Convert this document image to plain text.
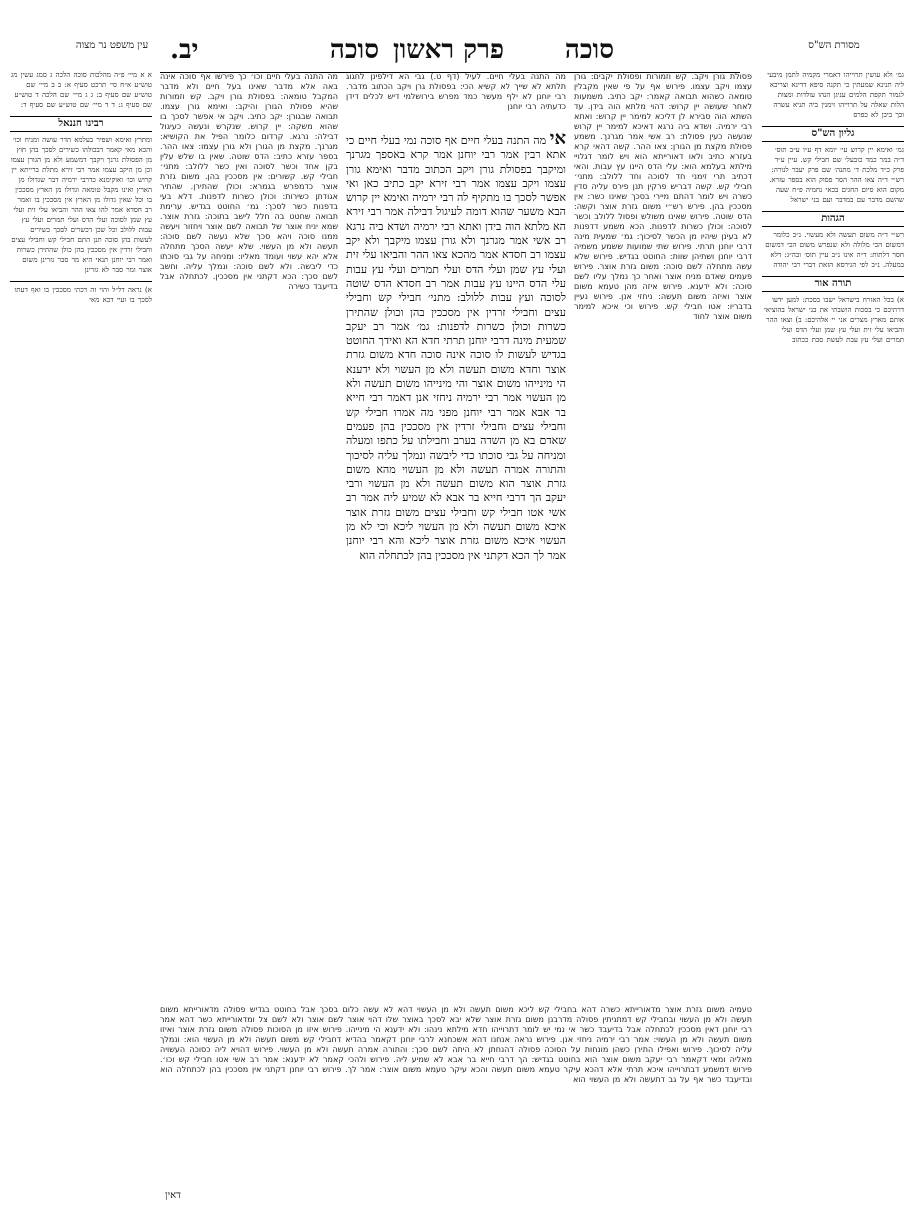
מסורת הש"ס
סוכה
פרק ראשון
סוכה
יב.
עין משפט נר מצוה
גמ׳ ולא עושין תרוייהו דאמרי מקמיה לתמן מיבעי ליה תנינא שמעתין כי תקנה סיפא דדינא וצריכא לגמור תקפת הלמים עניגן הנהו עולדות ומצות הלות שאלה על תרוייהו זימנין ביה תניא עשרה וכך ביבן לא כפרס
גליון הש"ס
גמ׳ ואימא יין קרוש עי׳ יומא דף ע״ו ע״ב תוס׳ ד״ה במר כמד כובעל׳ שם חבילי קש. עיין ע״ד פרק כ״ד מלכת ד׳ מתנה׳ שם פרק יעבר לנורה: רש״י ד״ה צאו ההר הסר פסוק הוא בספר עזרא. מקום הוא סיום החגים בכאי נחמיה פ״ח שעה שהשם מדבר עם במדבר ועם בני ישראל
הגהות
רש״י ד״ה משום תעשה ולא מעשוי. נ״ב כלומר דמשום הכי מלולה ולא שנפרש משום הכי דמשום חסר דלתות: ד״ה אינו נ״ב עיין תוס׳ ובה״ג: דלא במעלה. נ״ב לפי הגירסא הזאת דברי רבי יהודה
תורה אור
א) בכל האזרח בישראל ישבו בסכת: למען ידעו דרתיכם כי בסכות הושבתי את בני ישראל בהוציאי אותם מארץ מצרים אני יי אלהיכם: ב) וצאו ההר והביאו עלי זית ועלי עץ שמן ועלי הדס ועלי תמרים ועלי עץ עבת לעשת סכת ככתוב
א א מיי׳ פ״ה מהלכות סוכה הלכה ג סמג עשין מג טוש״ע א״ח סי׳ תרכט סעיף א: ב ב מיי׳ שם טוש״ע שם סעיף ב: ג ג מיי׳ שם הלכה ד טוש״ע שם סעיף ג: ד ד מיי׳ שם טוש״ע שם סעיף ד:
רבינו חננאל
ומתרץ ואימא ושפיר בעלמא הדר עושה ומניח וכו׳ והכא מאי קאמר דבכולהו כשירים לסכך בהן חוץ מן הפסולת גרנך ויקבך דמשמע ולא מן הגורן עצמו וכן מן היקב עצמו אמר רבי זירא מתלת ברייתא יין קרוש וכו׳ ואוקימנא כדרבי ירמיה דבר שגדולו מן הארץ ואינו מקבל טומאה וגדולו מן הארץ מסככין בו וכל שאין גדולו מן הארץ אין מסככין בו ואמר רב חסדא אמר להו צאו ההר והביאו עלי זית ועלי עץ שמן לסוכה ועלי הדס ועלי תמרים ועלי עץ עבות ללולב וכל שכן דכשרים לסכך כשירים לעשות בהן סוכה תנן התם חבילי קש וחבילי עצים וחבילי זרדין אין מסככין בהן כולן שהתירן כשרות ואמר רבי יוחנן תנאי היא מר סבר גזרינן משום אוצר ומר סבר לא גזרינן
א) נראה דל״ל והוי זה דכתי מסככין בו ואף דעתו לסכך בו ועיי דכא מאי
פסולת גורן ויקב. קש וזמורות ופסולת יקבים: גורן עצמו ויקב עצמו. פירוש אף על פי שאין מקבלין טומאה כשהוא תבואה קאמר: יקב כתיב. משמעות לאחר שעושה יין קרוש: דהוי מלתא הוה בידן. עד השתא הוה סבירא לן דליכא למימר יין קרוש: ואתא רבי ירמיה. ושדא ביה נרגא דאיכא למימר יין קרוש שנעשה כעין פסולת: רב אשי אמר מגרנך. משמע פסולת מקצת מן הגורן: צאו ההר. קשה דהאי קרא בעזרא כתיב ולאו דאורייתא הוא ויש לומר דגלויי מילתא בעלמא הוא: עלי הדס היינו עץ עבות. והאי דכתיב תרי זימני חד לסוכה וחד ללולב: מתני׳ חבילי קש. קשה דבריש פרקין תנן פירס עליה סדין כשרה ויש לומר דהתם מיירי בסכך שאינו כשר: אין מסככין בהן. פירש רש״י משום גזרת אוצר וקשה: הדס שוטה. פירוש שאינו משולש ופסול ללולב וכשר לסוכה: וכולן כשרות לדפנות. הכא משמע דדפנות לא בעינן שיהיו מן הכשר לסיכוך: גמ׳ שמעית מינה דרבי יוחנן תרתי. פירוש שתי שמועות ששמע משמיה דרבי יוחנן ושתיהן שוות: החוטט בגדיש. פירוש שלא עשה מתחלה לשם סוכה: משום גזרת אוצר. פירוש פעמים שאדם מניח אוצר ואחר כך נמלך עליו לשם סוכה: ולא ידענא. פירוש איזה מהן טעמא משום אוצר ואיזה משום תעשה: ניחזי אנן. פירוש נעיין בדבריו: אטו חבילי קש. פירוש וכי איכא למימר משום אוצר לחוד
מה התנה בעלי חיים. לעיל (דף ט.) גבי הא דילפינן לחגוג תלתא לא שייך לא קשיא הכי: בפסולת גרן ויקב הכתוב מדבר. רבי יוחנן לא ילף מעשר כמד מפרש בירושלמי דיש לכלים דידן כדעתיה רבי יוחנן
אי מה התנה בעלי חיים אף סוכה נמי בעלי חיים כי אתא רבין אמר רבי יוחנן אמר קרא באספך מגרנך ומיקבך בפסולת גורן ויקב הכתוב מדבר ואימא גורן עצמו ויקב עצמו אמר רבי זירא יקב כתיב כאן ואי אפשר לסכך בו מתקיף לה רבי ירמיה ואימא יין קרוש הבא משער שהוא דומה לעיגול דבילה אמר רבי זירא הא מלתא הוה בידן ואתא רבי ירמיה ושדא ביה נרגא רב אשי אמר מגרנך ולא גורן עצמו מיקבך ולא יקב עצמו רב חסדא אמר מהכא צאו ההר והביאו עלי זית ועלי עץ שמן ועלי הדס ועלי תמרים ועלי עץ עבות עלי הדס היינו עץ עבות אמר רב חסדא הדס שוטה לסוכה ועץ עבות ללולב: מתני׳ חבילי קש וחבילי עצים וחבילי זרדין אין מסככין בהן וכולן שהתירן כשרות וכולן כשרות לדפנות: גמ׳ אמר רב יעקב שמעית מינה דרבי יוחנן תרתי חדא הא ואידך החוטט בגדיש לעשות לו סוכה אינה סוכה חדא משום גזרת אוצר וחדא משום תעשה ולא מן העשוי ולא ידענא הי מינייהו משום אוצר והי מינייהו משום תעשה ולא מן העשוי אמר רבי ירמיה ניחזי אנן דאמר רבי חייא בר אבא אמר רבי יוחנן מפני מה אמרו חבילי קש וחבילי עצים וחבילי זרדין אין מסככין בהן פעמים שאדם בא מן השדה בערב וחבילתו על כתפו ומעלה ומניחה על גבי סוכתו כדי ליבשה ונמלך עליה לסיכוך והתורה אמרה תעשה ולא מן העשוי מהא משום גזרת אוצר הוא משום תעשה ולא מן העשוי ורבי יעקב הך דרבי חייא בר אבא לא שמיע ליה אמר רב אשי אטו חבילי קש וחבילי עצים משום גזרת אוצר איכא משום תעשה ולא מן העשוי ליכא וכי לא מן העשוי איכא משום גזרת אוצר ליכא והא רבי יוחנן אמר לך הכא דקתני אין מסככין בהן לכתחלה הוא
מה התנה בעלי חיים וכו׳ כך פירשו אף סוכה אינה באה אלא מדבר שאינו בעל חיים ולא מדבר המקבל טומאה: בפסולת גורן ויקב. קש וזמורות שהיא פסולת הגורן והיקב: ואימא גורן עצמו. תבואה שבגורן: יקב כתיב. ויקב אי אפשר לסכך בו שהוא משקה: יין קרוש. שנקרש ונעשה כעיגול דבילה: נרגא. קרדום כלומר הפיל את הקושיא: מגרנך. מקצת מן הגורן ולא גורן עצמו: צאו ההר. בספר עזרא כתיב: הדס שוטה. שאין בו שלש עלין בקן אחד וכשר לסוכה ואין כשר ללולב: מתני׳ חבילי קש. קשורים: אין מסככין בהן. משום גזרת אוצר כדמפרש בגמרא: וכולן שהתירן. שהתיר אגודתן כשירות: וכולן כשרות לדפנות. דלא בעי בדפנות כשר לסכך: גמ׳ החוטט בגדיש. ערימת תבואה שחטט בה חלל לישב בתוכה: גזרת אוצר. שמא יניח אוצר של תבואה לשם אוצר ויחזור ויעשה ממנו סוכה ויהא סכך שלא נעשה לשם סוכה: תעשה ולא מן העשוי. שלא יעשה הסכך מתחלה אלא יהא עשוי ועומד מאליו: ומניחה על גבי סוכתו כדי ליבשה. ולא לשם סוכה: ונמלך עליה. וחשב לשם סכך: הכא דקתני אין מסככין. לכתחלה אבל בדיעבד כשירה
טעמיה משום גזרת אוצר מדאורייתא כשרה דהא בחבילי קש ליכא משום תעשה ולא מן העשוי דהא לא עשה כלום בסכך אבל בחוטט בגדיש פסולה מדאורייתא משום תעשה ולא מן העשוי ובחבילי קש דמתניתין פסולה מדרבנן משום גזרת אוצר שלא יבא לסכך באוצר שלו דהוי אוצר לשם אוצר ולא לשם צל ומדאורייתא כשר דהא אמר רבי יוחנן דאין מסככין לכתחלה אבל בדיעבד כשר אי נמי יש לומר דתרוייהו חדא מילתא נינהו: ולא ידענא הי מינייהו. פירוש איזו מן הסוכות פסולה משום גזרת אוצר ואיזו משום תעשה ולא מן העשוי: אמר רבי ירמיה ניחזי אנן. פירוש נראה אנחנו דהא אשכחנא לרבי יוחנן דקאמר בהדיא דחבילי קש משום תעשה ולא מן העשוי הוא: ונמלך עליה לסיכוך. פירוש ואפילו התירן כשהן מונחות על הסוכה פסולה דהנחתן לא היתה לשם סכך: והתורה אמרה תעשה ולא מן העשוי. פירוש דהויא ליה כסוכה העשויה מאליה ומאי דקאמר רבי יעקב משום אוצר הוא בחוטט בגדיש: הך דרבי חייא בר אבא לא שמיע ליה. פירוש ולהכי קאמר לא ידענא: אמר רב אשי אטו חבילי קש וכו׳. פירוש דמשמע דבתרוייהו איכא תרתי אלא דהכא עיקר טעמא משום תעשה והכא עיקר טעמא משום אוצר: אמר לך. פירוש רבי יוחנן דקתני אין מסככין בהן לכתחלה הוא ובדיעבד כשר אף על גב דתעשה ולא מן העשוי הוא
דאין
